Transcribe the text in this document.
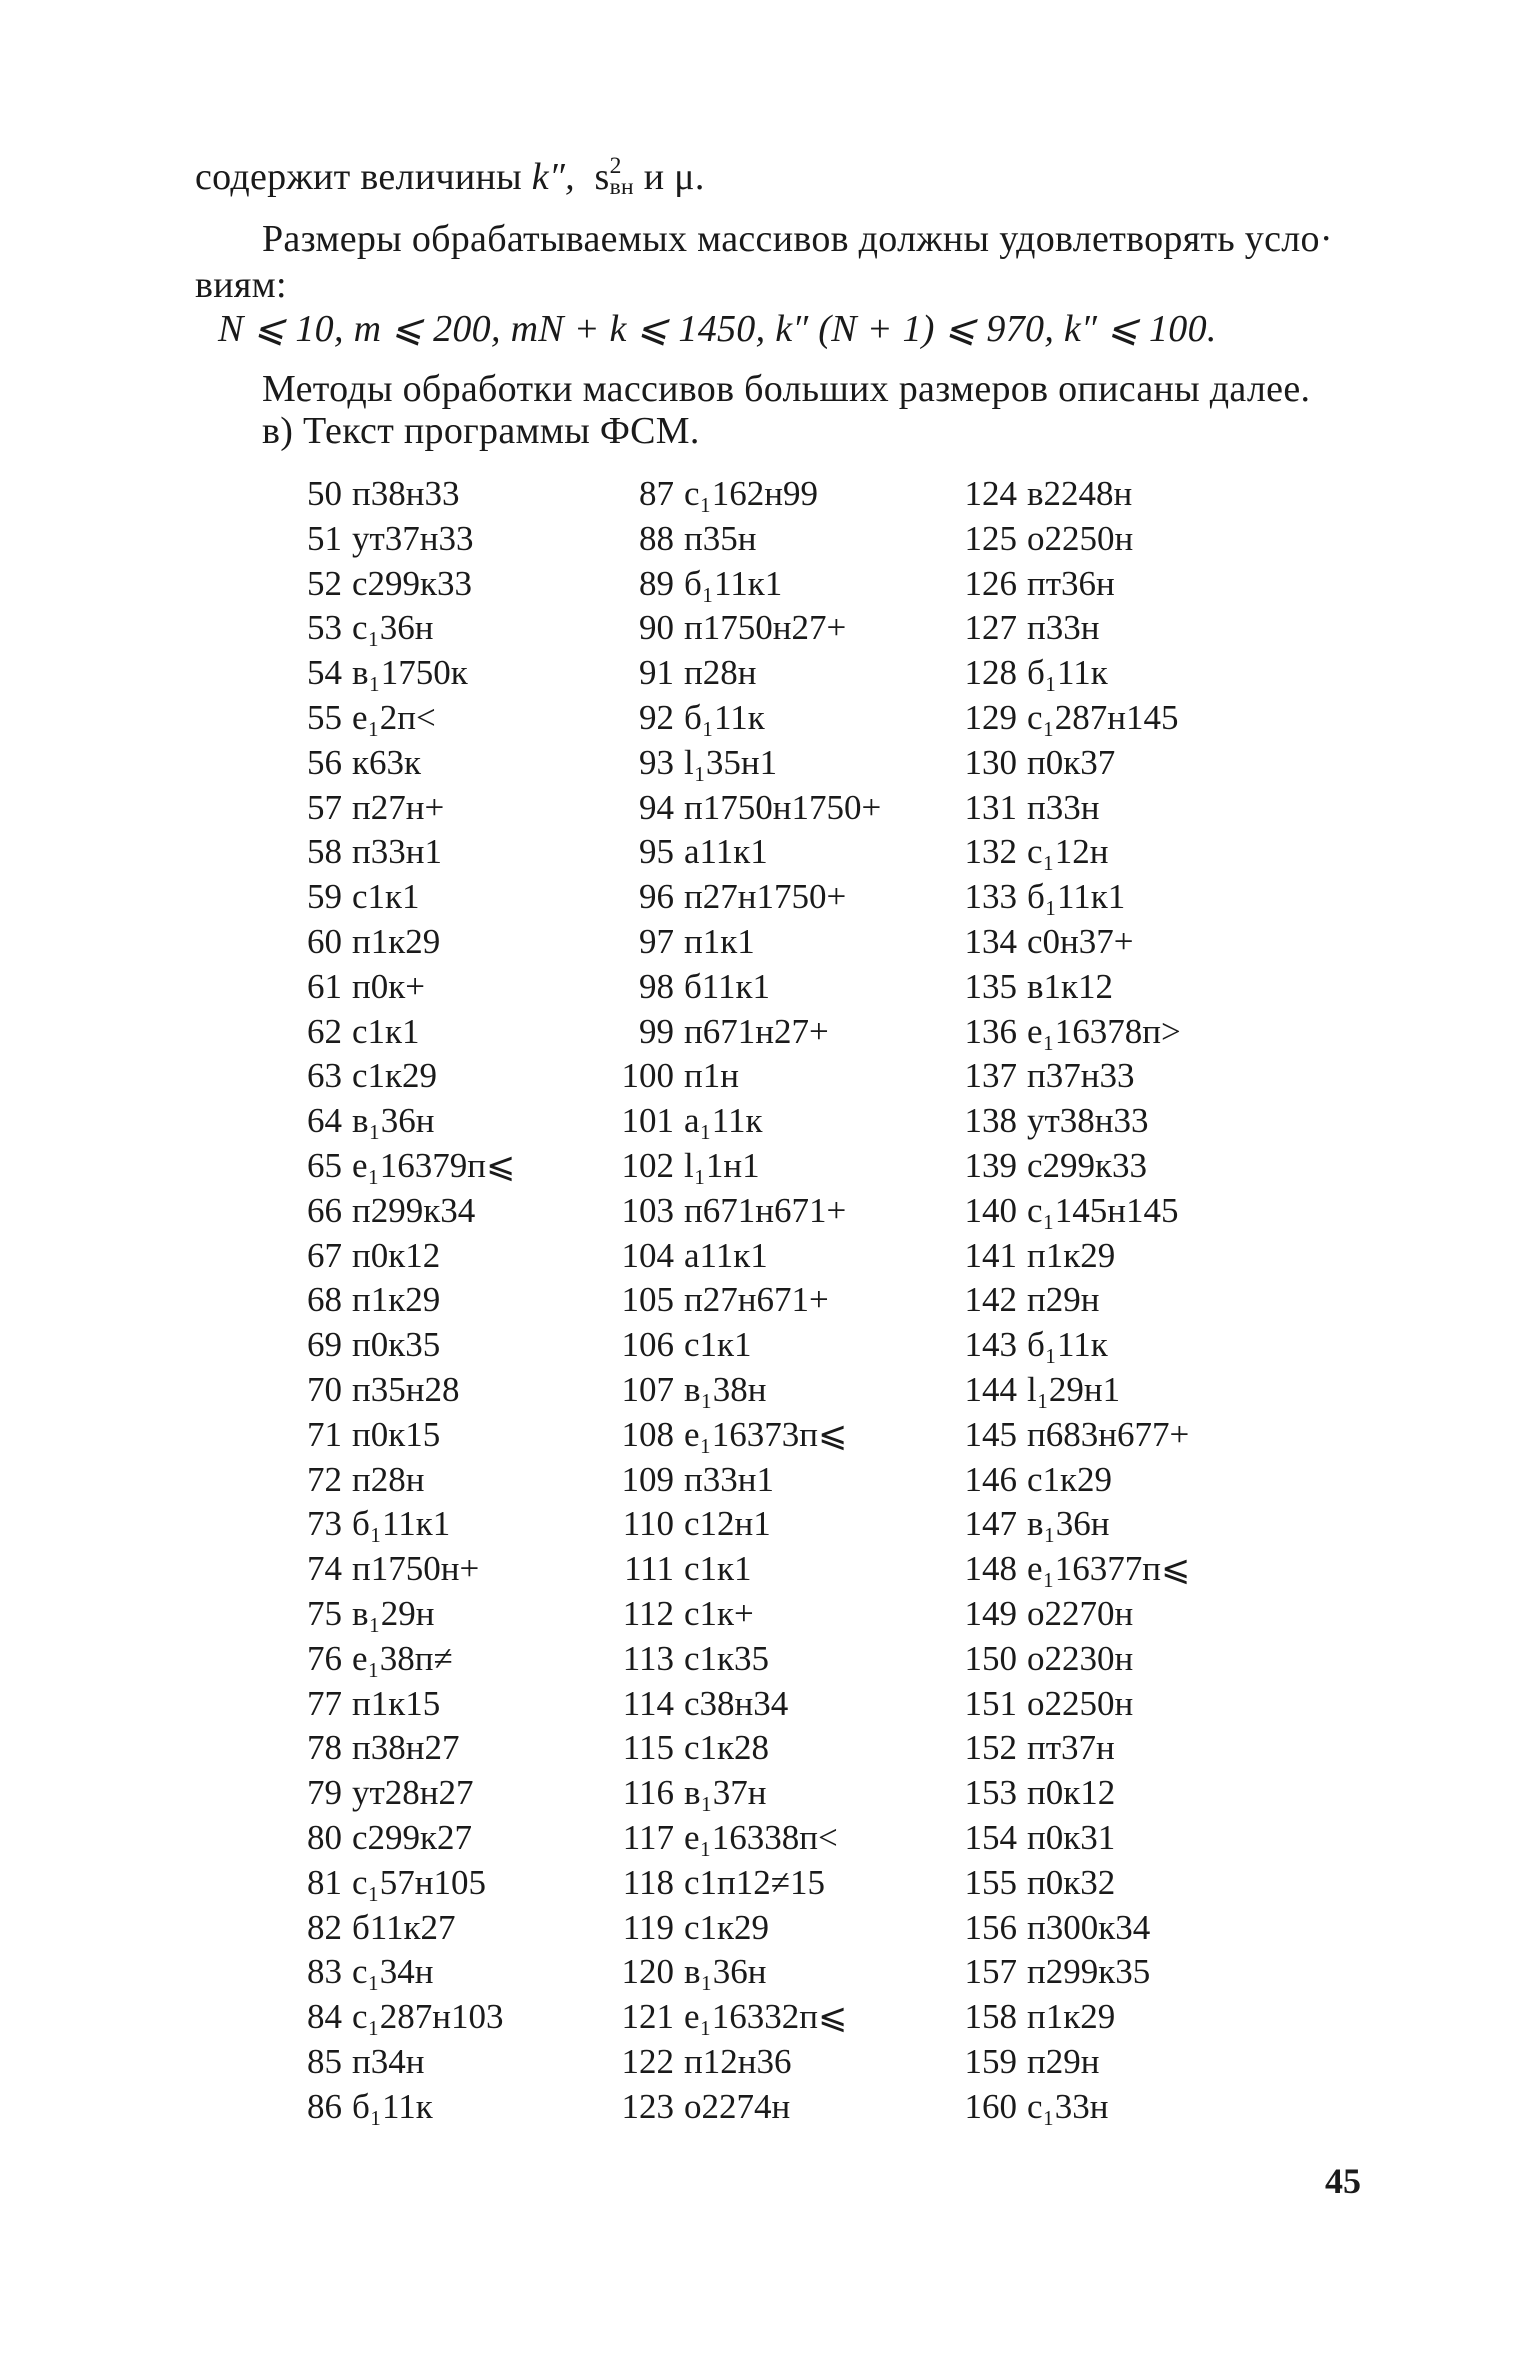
содержит величины k″, s 2
вн и μ.
Размеры обрабатываемых массивов должны удовлетворять усло·
виям:
N ⩽ 10, m ⩽ 200, mN + k ⩽ 1450, k″ (N + 1) ⩽ 970, k″ ⩽ 100.
Методы обработки массивов больших размеров описаны далее.
в) Текст программы ФСМ.
50 п38н33
51 ут37н33
52 с299к33
53 с₁36н
54 в₁1750к
55 е₁2п<
56 к63к
57 п27н+
58 п33н1
59 с1к1
60 п1к29
61 п0к+
62 с1к1
63 с1к29
64 в₁36н
65 е₁16379п⩽
66 п299к34
67 п0к12
68 п1к29
69 п0к35
70 п35н28
71 п0к15
72 п28н
73 б₁11к1
74 п1750н+
75 в₁29н
76 е₁38п≠
77 п1к15
78 п38н27
79 ут28н27
80 с299к27
81 с₁57н105
82 б11к27
83 с₁34н
84 с₁287н103
85 п34н
86 б₁11к
87 с₁162н99
88 п35н
89 б₁11к1
90 п1750н27+
91 п28н
92 б₁11к
93 l₁35н1
94 п1750н1750+
95 а11к1
96 п27н1750+
97 п1к1
98 б11к1
99 п671н27+
100 п1н
101 а₁11к
102 l₁1н1
103 п671н671+
104 а11к1
105 п27н671+
106 с1к1
107 в₁38н
108 е₁16373п⩽
109 п33н1
110 с12н1
111 с1к1
112 с1к+
113 с1к35
114 с38н34
115 с1к28
116 в₁37н
117 е₁16338п<
118 с1п12≠15
119 с1к29
120 в₁36н
121 е₁16332п⩽
122 п12н36
123 о2274н
124 в2248н
125 о2250н
126 пт36н
127 п33н
128 б₁11к
129 с₁287н145
130 п0к37
131 п33н
132 с₁12н
133 б₁11к1
134 с0н37+
135 в1к12
136 е₁16378п>
137 п37н33
138 ут38н33
139 с299к33
140 с₁145н145
141 п1к29
142 п29н
143 б₁11к
144 l₁29н1
145 п683н677+
146 с1к29
147 в₁36н
148 е₁16377п⩽
149 о2270н
150 о2230н
151 о2250н
152 пт37н
153 п0к12
154 п0к31
155 п0к32
156 п300к34
157 п299к35
158 п1к29
159 п29н
160 с₁33н
45
